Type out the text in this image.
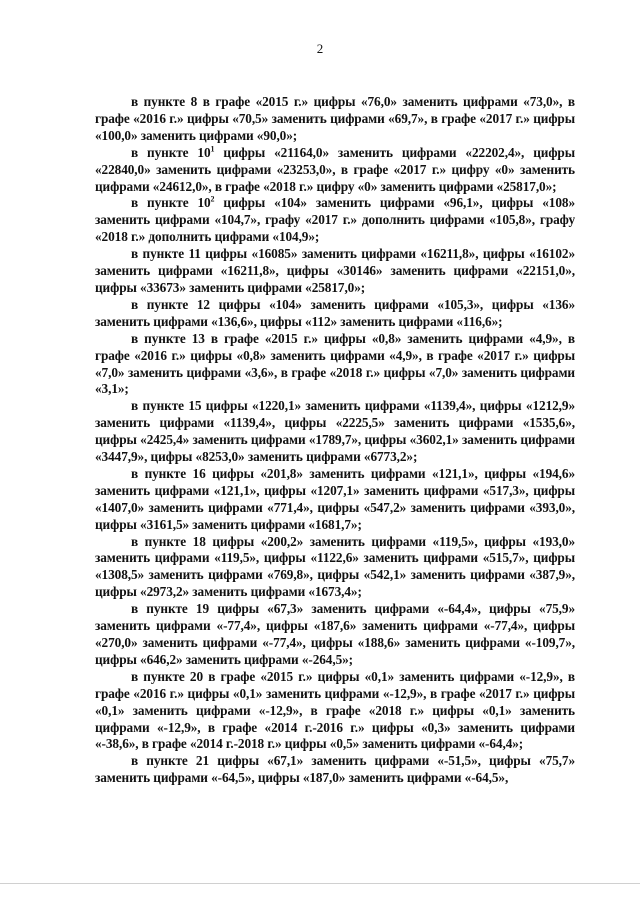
2

в пункте 8 в графе «2015 г.» цифры «76,0» заменить цифрами «73,0», в графе «2016 г.» цифры «70,5» заменить цифрами «69,7», в графе «2017 г.» цифры «100,0» заменить цифрами «90,0»;

в пункте $10^1$ цифры «21164,0» заменить цифрами «22202,4», цифры «22840,0» заменить цифрами «23253,0», в графе «2017 г.» цифру «0» заменить цифрами «24612,0», в графе «2018 г.» цифру «0» заменить цифрами «25817,0»;

в пункте $10^2$ цифры «104» заменить цифрами «96,1», цифры «108» заменить цифрами «104,7», графу «2017 г.» дополнить цифрами «105,8», графу «2018 г.» дополнить цифрами «104,9»;

в пункте 11 цифры «16085» заменить цифрами «16211,8», цифры «16102» заменить цифрами «16211,8», цифры «30146» заменить цифрами «22151,0», цифры «33673» заменить цифрами «25817,0»;

в пункте 12 цифры «104» заменить цифрами «105,3», цифры «136» заменить цифрами «136,6», цифры «112» заменить цифрами «116,6»;

в пункте 13 в графе «2015 г.» цифры «0,8» заменить цифрами «4,9», в графе «2016 г.» цифры «0,8» заменить цифрами «4,9», в графе «2017 г.» цифры «7,0» заменить цифрами «3,6», в графе «2018 г.» цифры «7,0» заменить цифрами «3,1»;

в пункте 15 цифры «1220,1» заменить цифрами «1139,4», цифры «1212,9» заменить цифрами «1139,4», цифры «2225,5» заменить цифрами «1535,6», цифры «2425,4» заменить цифрами «1789,7», цифры «3602,1» заменить цифрами «3447,9», цифры «8253,0» заменить цифрами «6773,2»;

в пункте 16 цифры «201,8» заменить цифрами «121,1», цифры «194,6» заменить цифрами «121,1», цифры «1207,1» заменить цифрами «517,3», цифры «1407,0» заменить цифрами «771,4», цифры «547,2» заменить цифрами «393,0», цифры «3161,5» заменить цифрами «1681,7»;

в пункте 18 цифры «200,2» заменить цифрами «119,5», цифры «193,0» заменить цифрами «119,5», цифры «1122,6» заменить цифрами «515,7», цифры «1308,5» заменить цифрами «769,8», цифры «542,1» заменить цифрами «387,9», цифры «2973,2» заменить цифрами «1673,4»;

в пункте 19 цифры «67,3» заменить цифрами «-64,4», цифры «75,9» заменить цифрами «-77,4», цифры «187,6» заменить цифрами «-77,4», цифры «270,0» заменить цифрами «-77,4», цифры «188,6» заменить цифрами «-109,7», цифры «646,2» заменить цифрами «-264,5»;

в пункте 20 в графе «2015 г.» цифры «0,1» заменить цифрами «-12,9», в графе «2016 г.» цифры «0,1» заменить цифрами «-12,9», в графе «2017 г.» цифры «0,1» заменить цифрами «-12,9», в графе «2018 г.» цифры «0,1» заменить цифрами «-12,9», в графе «2014 г.-2016 г.» цифры «0,3» заменить цифрами «-38,6», в графе «2014 г.-2018 г.» цифры «0,5» заменить цифрами «-64,4»;

в пункте 21 цифры «67,1» заменить цифрами «-51,5», цифры «75,7» заменить цифрами «-64,5», цифры «187,0» заменить цифрами «-64,5»,
